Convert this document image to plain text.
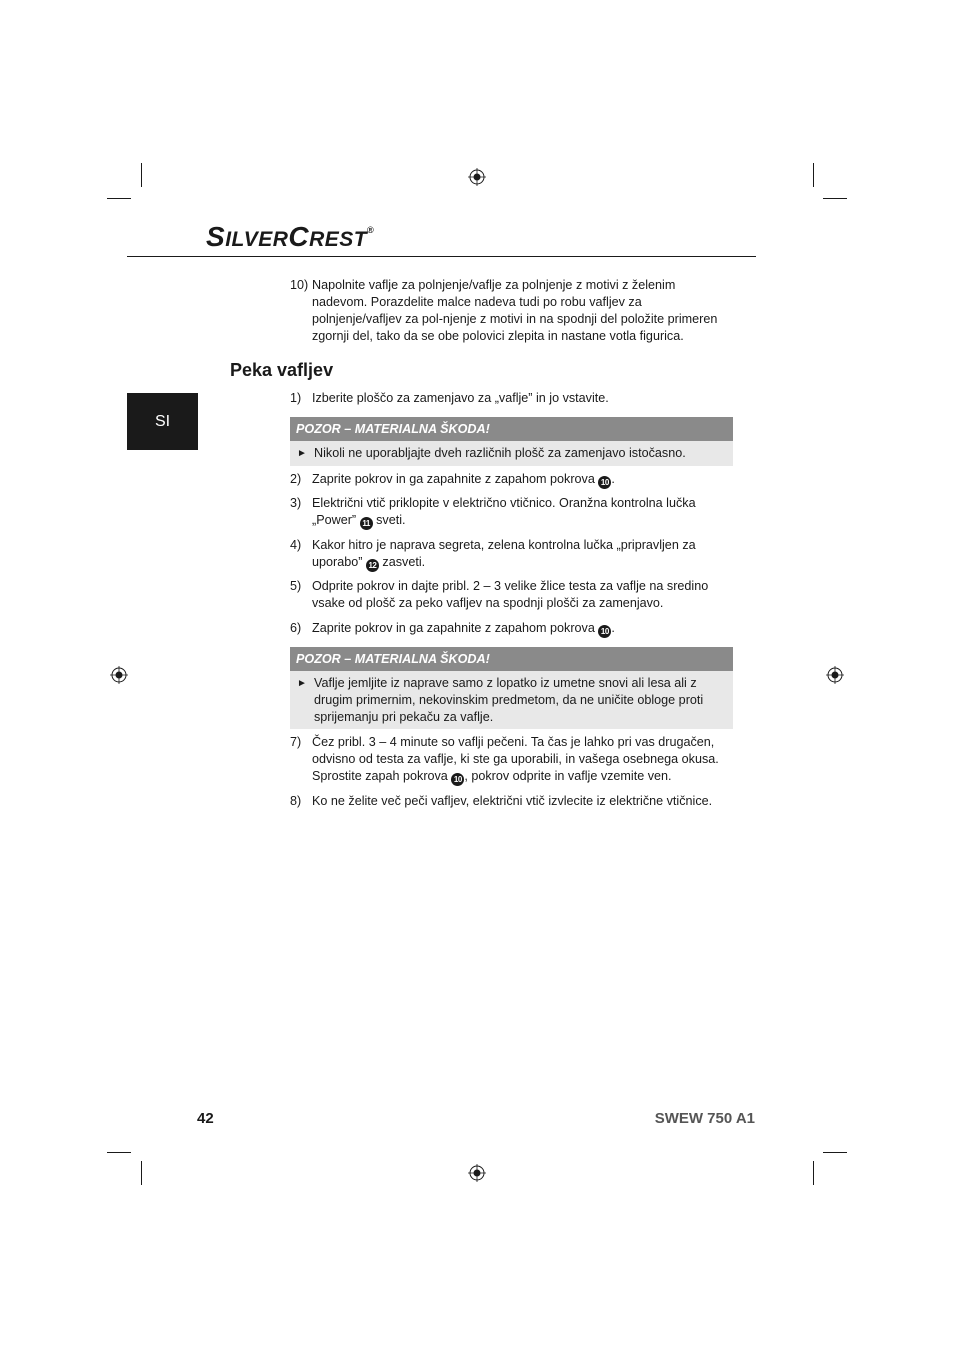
SILVERCREST®
SI
10) Napolnite vaflje za polnjenje/vaflje za polnjenje z motivi z želenim nadevom. Porazdelite malce nadeva tudi po robu vafljev za polnjenje/vafljev za pol-njenje z motivi in na spodnji del položite primeren zgornji del, tako da se obe polovici zlepita in nastane votla figurica.
Peka vafljev
1) Izberite ploščo za zamenjavo za „vaflje” in jo vstavite.
POZOR – MATERIALNA ŠKODA!
► Nikoli ne uporabljajte dveh različnih plošč za zamenjavo istočasno.
2) Zaprite pokrov in ga zapahnite z zapahom pokrova 10 .
3) Električni vtič priklopite v električno vtičnico. Oranžna kontrolna lučka „Power” 11 sveti.
4) Kakor hitro je naprava segreta, zelena kontrolna lučka „pripravljen za uporabo” 12 zasveti.
5) Odprite pokrov in dajte pribl. 2 – 3 velike žlice testa za vaflje na sredino vsake od plošč za peko vafljev na spodnji plošči za zamenjavo.
6) Zaprite pokrov in ga zapahnite z zapahom pokrova 10 .
POZOR – MATERIALNA ŠKODA!
► Vaflje jemljite iz naprave samo z lopatko iz umetne snovi ali lesa ali z drugim primernim, nekovinskim predmetom, da ne uničite obloge proti sprijemanju pri pekaču za vaflje.
7) Čez pribl. 3 – 4 minute so vaflji pečeni. Ta čas je lahko pri vas drugačen, odvisno od testa za vaflje, ki ste ga uporabili, in vašega osebnega okusa. Sprostite zapah pokrova 10 , pokrov odprite in vaflje vzemite ven.
8) Ko ne želite več peči vafljev, električni vtič izvlecite iz električne vtičnice.
42	SWEW 750 A1
